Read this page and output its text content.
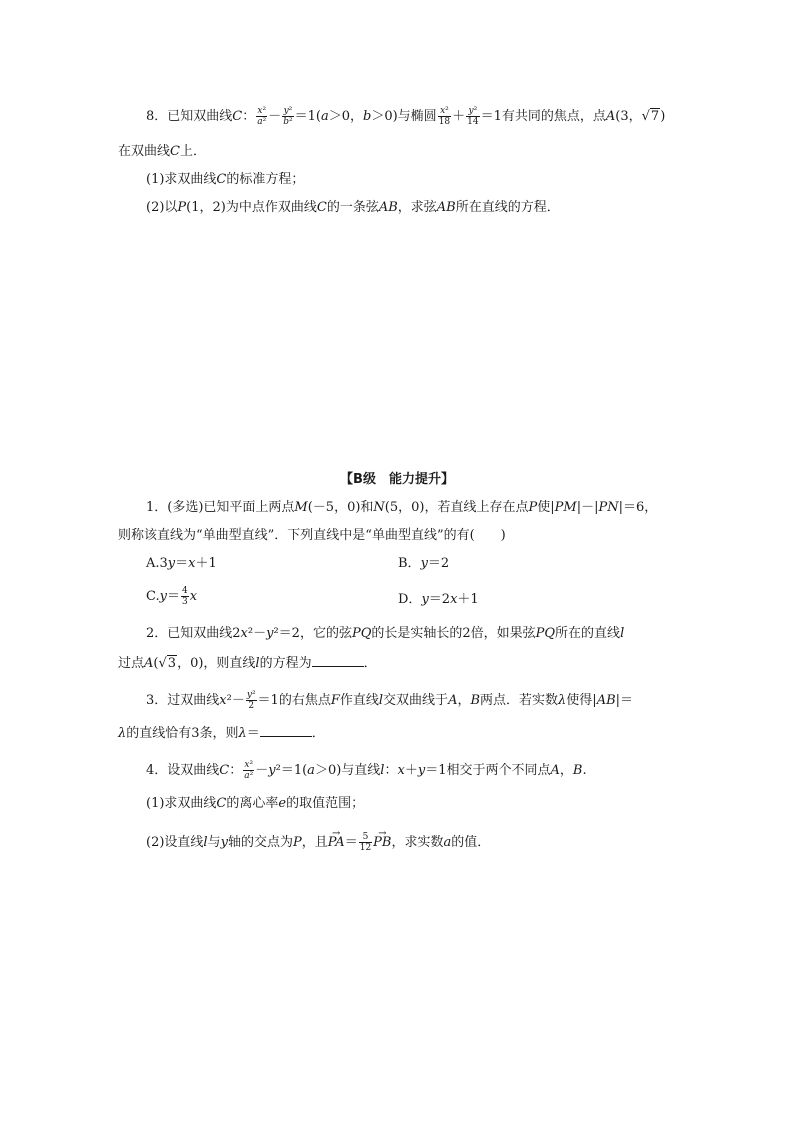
8．已知双曲线C： $\frac{\text{x²}}{\text{a²}} - \frac{\text{y²}}{\text{b²}} =1(a>0$，b＞0)与椭圆 $\frac{\text{x²}}{18} + \frac{\text{y²}}{14} =1$有共同的焦点，点A(3，√7)
在双曲线C上．
(1)求双曲线C的标准方程；
(2)以P(1，2)为中点作双曲线C的一条弦AB，求弦AB所在直线的方程．
【B级　能力提升】
1．(多选)已知平面上两点M(－5，0)和N(5，0)，若直线上存在点P使|PM|－|PN|＝6，
则称该直线为“单曲型直线”．下列直线中是“单曲型直线”的有(　　)
A.3y＝x＋1	B．y＝2
$C.y= \frac{4}{3}$ x	D．y＝2x＋1
2．已知双曲线2x²－y²＝2，它的弦PQ的长是实轴长的2倍，如果弦PQ所在的直线l
过点A(√3，0)，则直线l的方程为	．
3．过双曲线$x^2- \frac{\text{y²}}{2} =1$的右焦点F作直线l交双曲线于A，B两点．若实数λ使得|AB|＝
λ的直线恰有3条，则λ＝	．
4．设双曲线C： $\frac{\text{x²}}{\text{a²}} -y^2=1(a>0)$与直线l：x＋y＝1相交于两个不同点A，B.
(1)求双曲线C的离心率e的取值范围；
(2)设直线l与y轴的交点为P，且→ $PA= \frac{5}{12}$
→ PB，求实数a的值．
